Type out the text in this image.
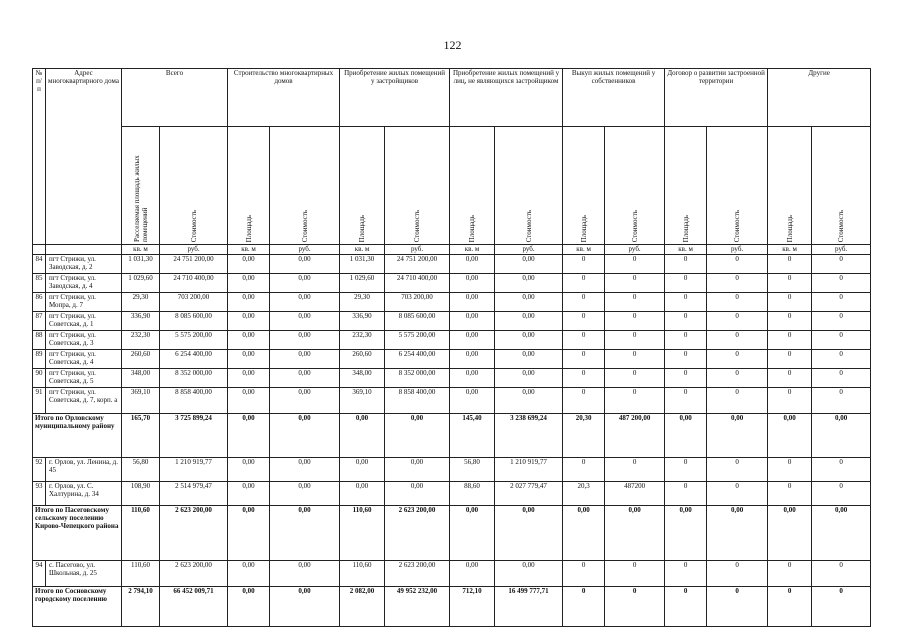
122
№ п/п	Адрес многоквартирного дома	Всего		Строительство многоквартирных домов		Приобретение жилых помещений у застройщиков		Приобретение жилых помещений у лиц, не являющихся застройщиком		Выкуп жилых помещений у собственников		Договор о развитии застроенной территории		Другие	
		Расселяемая площадь жилых помещений	Стоимость	Площадь	Стоимость	Площадь	Стоимость	Площадь	Стоимость	Площадь	Стоимость	Площадь	Стоимость	Площадь	Стоимость
		кв. м	руб.	кв. м	руб.	кв. м	руб.	кв. м	руб.	кв. м	руб.	кв. м	руб.	кв. м	руб.
84	пгт Стрижи, ул. Заводская, д. 2	1 031,30	24 751 200,00	0,00	0,00	1 031,30	24 751 200,00	0,00	0,00	0	0	0	0	0	0
85	пгт Стрижи, ул. Заводская, д. 4	1 029,60	24 710 400,00	0,00	0,00	1 029,60	24 710 400,00	0,00	0,00	0	0	0	0	0	0
86	пгт Стрижи, ул. Мопра, д. 7	29,30	703 200,00	0,00	0,00	29,30	703 200,00	0,00	0,00	0	0	0	0	0	0
87	пгт Стрижи, ул. Советская, д. 1	336,90	8 085 600,00	0,00	0,00	336,90	8 085 600,00	0,00	0,00	0	0	0	0	0	0
88	пгт Стрижи, ул. Советская, д. 3	232,30	5 575 200,00	0,00	0,00	232,30	5 575 200,00	0,00	0,00	0	0	0	0	0	0
89	пгт Стрижи, ул. Советская, д. 4	260,60	6 254 400,00	0,00	0,00	260,60	6 254 400,00	0,00	0,00	0	0	0	0	0	0
90	пгт Стрижи, ул. Советская, д. 5	348,00	8 352 000,00	0,00	0,00	348,00	8 352 000,00	0,00	0,00	0	0	0	0	0	0
91	пгт Стрижи, ул. Советская, д. 7, корп. a	369,10	8 858 400,00	0,00	0,00	369,10	8 858 400,00	0,00	0,00	0	0	0	0	0	0
Итого по Орловскому муниципальному району		165,70	3 725 899,24	0,00	0,00	0,00	0,00	145,40	3 238 699,24	20,30	487 200,00	0,00	0,00	0,00	0,00
92	г. Орлов, ул. Ленина, д. 45	56,80	1 210 919,77	0,00	0,00	0,00	0,00	56,80	1 210 919,77	0	0	0	0	0	0
93	г. Орлов, ул. С. Халтурина, д. 34	108,90	2 514 979,47	0,00	0,00	0,00	0,00	88,60	2 027 779,47	20,3	487200	0	0	0	0
Итого по Пасеговскому сельскому поселению Кирово-Чепецкого района		110,60	2 623 200,00	0,00	0,00	110,60	2 623 200,00	0,00	0,00	0,00	0,00	0,00	0,00	0,00	0,00
94	с. Пасегово, ул. Школьная, д. 25	110,60	2 623 200,00	0,00	0,00	110,60	2 623 200,00	0,00	0,00	0	0	0	0	0	0
Итого по Сосновскому городскому поселению		2 794,10	66 452 009,71	0,00	0,00	2 082,00	49 952 232,00	712,10	16 499 777,71	0	0	0	0	0	0
